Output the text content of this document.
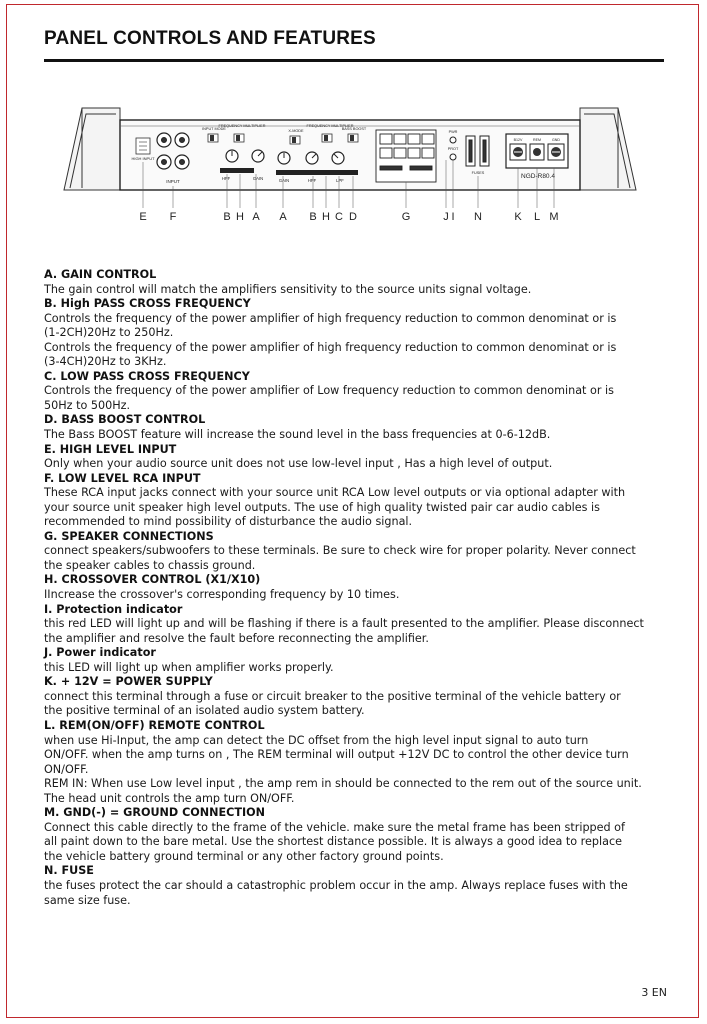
PANEL CONTROLS AND FEATURES
HIGH INPUT
INPUT
INPUT MODE
FREQUENCY MULTIPLIER
HPF	GAIN
X-MODE
FREQUENCY MULTIPLIER
BASS BOOST
GAIN	HPF	LPF
PWR
PROT
FUSES
B12V	REM	GND
NGD-R80.4
E F	B H A A B H C D	G	J I N	K L M
A. GAIN CONTROL

The gain control will match the amplifiers sensitivity to the source units signal voltage.

B. High PASS CROSS FREQUENCY

Controls the frequency of the power amplifier of high frequency reduction to common denominat or is

(1-2CH)20Hz to 250Hz.

Controls the frequency of the power amplifier of high frequency reduction to common denominat or is

(3-4CH)20Hz to 3KHz.

C. LOW PASS CROSS FREQUENCY

Controls the frequency of the power amplifier of Low frequency reduction to common denominat or is

50Hz to 500Hz.

D. BASS BOOST CONTROL

The Bass BOOST feature will increase the sound level in the bass frequencies at 0-6-12dB.

E. HIGH LEVEL INPUT

Only when your audio source unit does not use low-level input , Has a high level of output.

F. LOW LEVEL RCA INPUT

These RCA input jacks connect with your source unit RCA Low level outputs or via optional adapter with

your source unit speaker high level outputs. The use of high quality twisted pair car audio cables is

recommended to mind possibility of disturbance the audio signal.

G. SPEAKER CONNECTIONS

connect speakers/subwoofers to these terminals. Be sure to check wire for proper polarity. Never connect

the speaker cables to chassis ground.

H. CROSSOVER CONTROL (X1/X10)

IIncrease the crossover's corresponding frequency by 10 times.

I. Protection indicator

this red LED will light up and will be flashing if there is a fault presented to the amplifier. Please disconnect

the amplifier and resolve the fault before reconnecting the amplifier.

J. Power indicator

this LED will light up when amplifier works properly.

K. + 12V = POWER SUPPLY

connect this terminal through a fuse or circuit breaker to the positive terminal of the vehicle battery or

the positive terminal of an isolated audio system battery.

L. REM(ON/OFF) REMOTE CONTROL

when use Hi-Input, the amp can detect the DC offset from the high level input signal to auto turn

ON/OFF. when the amp turns on , The REM terminal will output +12V DC to control the other device turn

ON/OFF.

REM IN: When use Low level input , the amp rem in should be connected to the rem out of the source unit.

The head unit controls the amp turn ON/OFF.

M. GND(-) = GROUND CONNECTION

Connect this cable directly to the frame of the vehicle. make sure the metal frame has been stripped of

all paint down to the bare metal. Use the shortest distance possible. It is always a good idea to replace

the vehicle battery ground terminal or any other factory ground points.

N. FUSE

the fuses protect the car should a catastrophic problem occur in the amp. Always replace fuses with the

same size fuse.

3 EN
